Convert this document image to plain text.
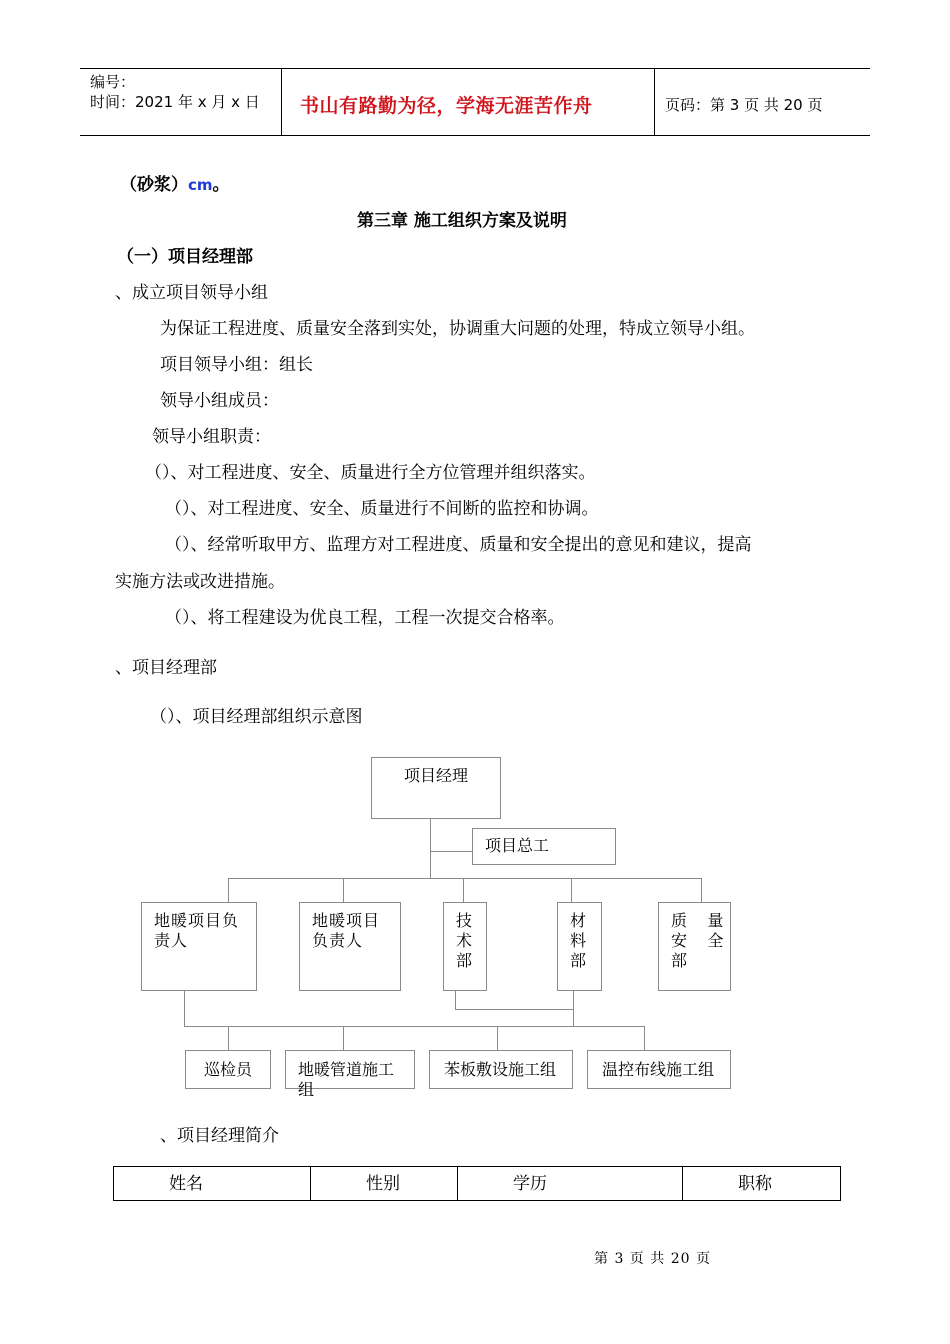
编号：
时间：2021 年 x 月 x 日 书山有路勤为径，学海无涯苦作舟	页码：第 3 页 共 20 页
（砂浆）cm。
第三章 施工组织方案及说明
（一）项目经理部
、成立项目领导小组
为保证工程进度、质量安全落到实处，协调重大问题的处理，特成立领导小组。
项目领导小组：组长
领导小组成员：
领导小组职责：
（）、对工程进度、安全、质量进行全方位管理并组织落实。
（）、对工程进度、安全、质量进行不间断的监控和协调。
（）、经常听取甲方、监理方对工程进度、质量和安全提出的意见和建议，提高
实施方法或改进措施。
（）、将工程建设为优良工程，工程一次提交合格率。
、项目经理部
（）、项目经理部组织示意图
项目经理
项目总工
地暖项目负责人
地暖项目负责人
技术部
材料部
质    量
安    全
部
巡检员	地暖管道施工组
苯板敷设施工组	温控布线施工组
、项目经理简介
姓名	性别	学历	职称
第 3 页 共 20 页
